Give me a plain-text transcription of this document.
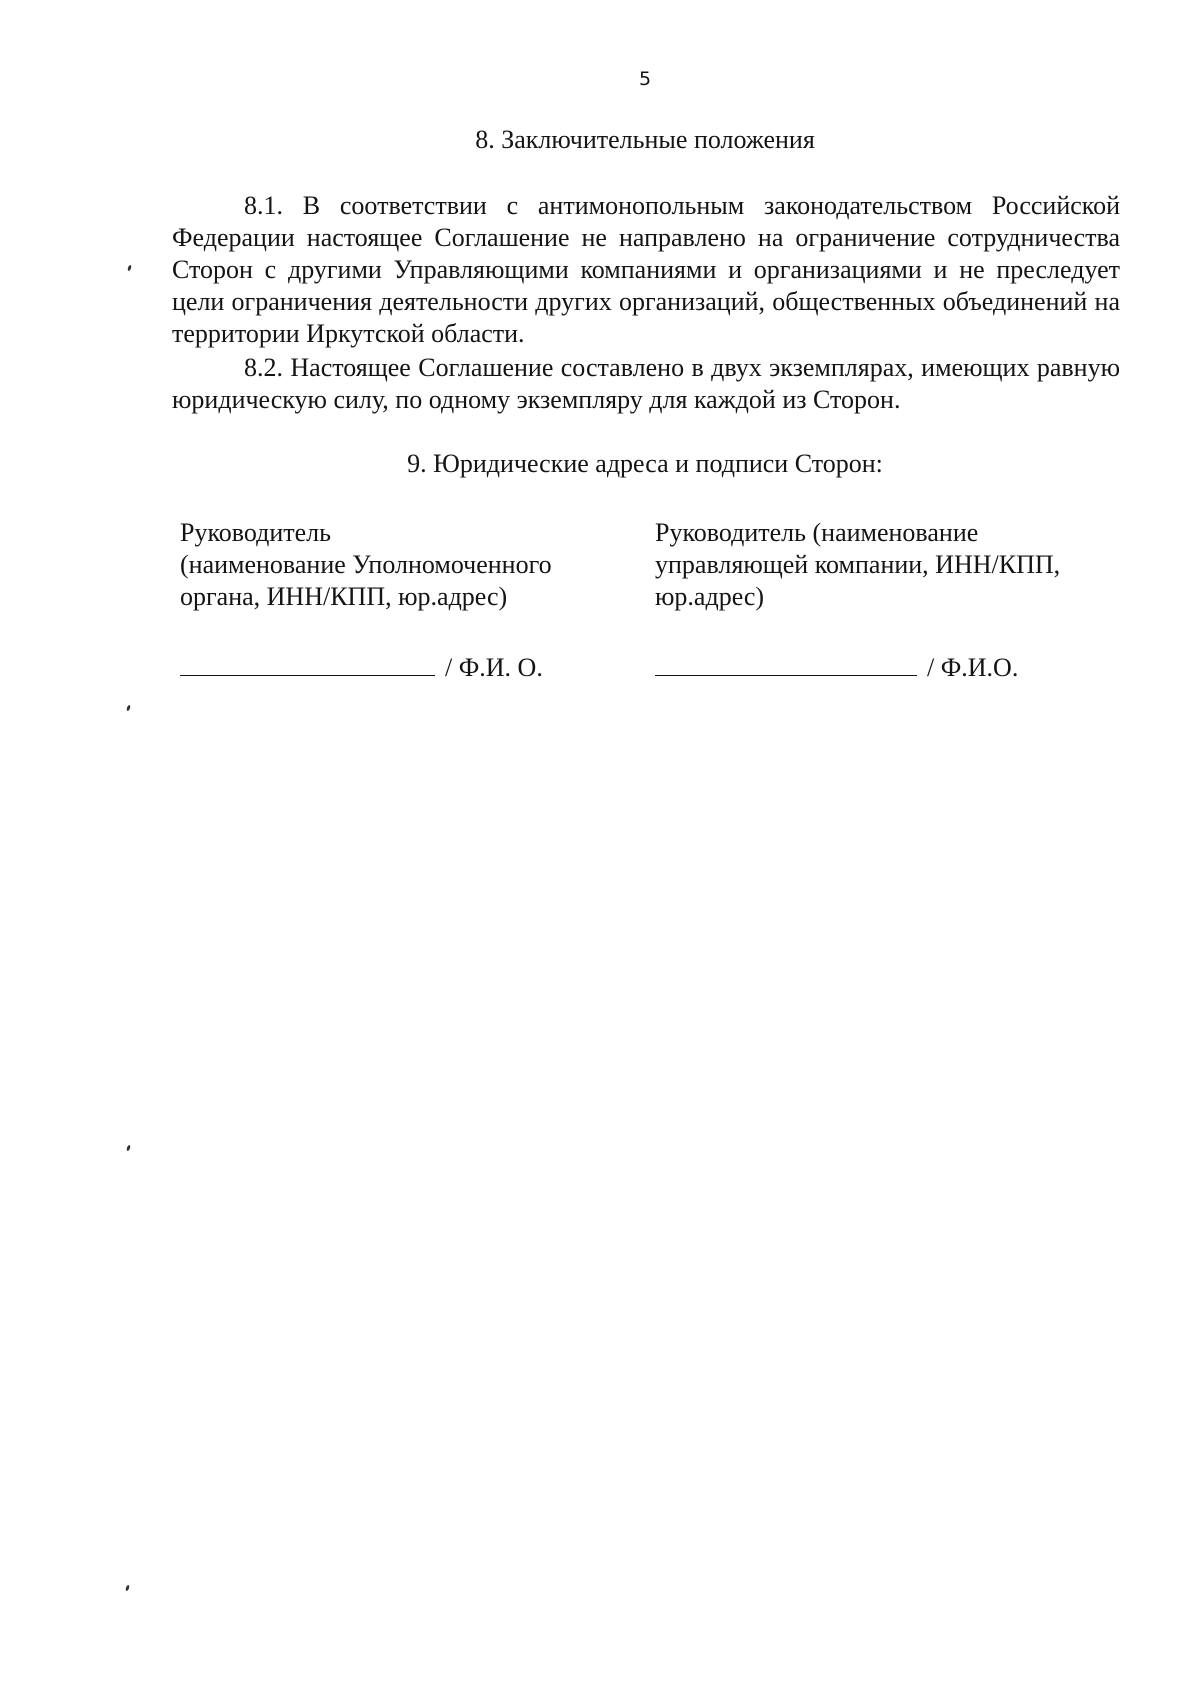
5
8. Заключительные положения
8.1. В соответствии с антимонопольным законодательством Российской Федерации настоящее Соглашение не направлено на ограничение сотрудничества Сторон с другими Управляющими компаниями и организациями и не преследует цели ограничения деятельности других организаций, общественных объединений на территории Иркутской области.
8.2. Настоящее Соглашение составлено в двух экземплярах, имеющих равную юридическую силу, по одному экземпляру для каждой из Сторон.
9. Юридические адреса и подписи Сторон:
Руководитель
(наименование Уполномоченного
органа, ИНН/КПП, юр.адрес)
Руководитель (наименование
управляющей компании, ИНН/КПП,
юр.адрес)
/ Ф.И. О.	/ Ф.И.О.
